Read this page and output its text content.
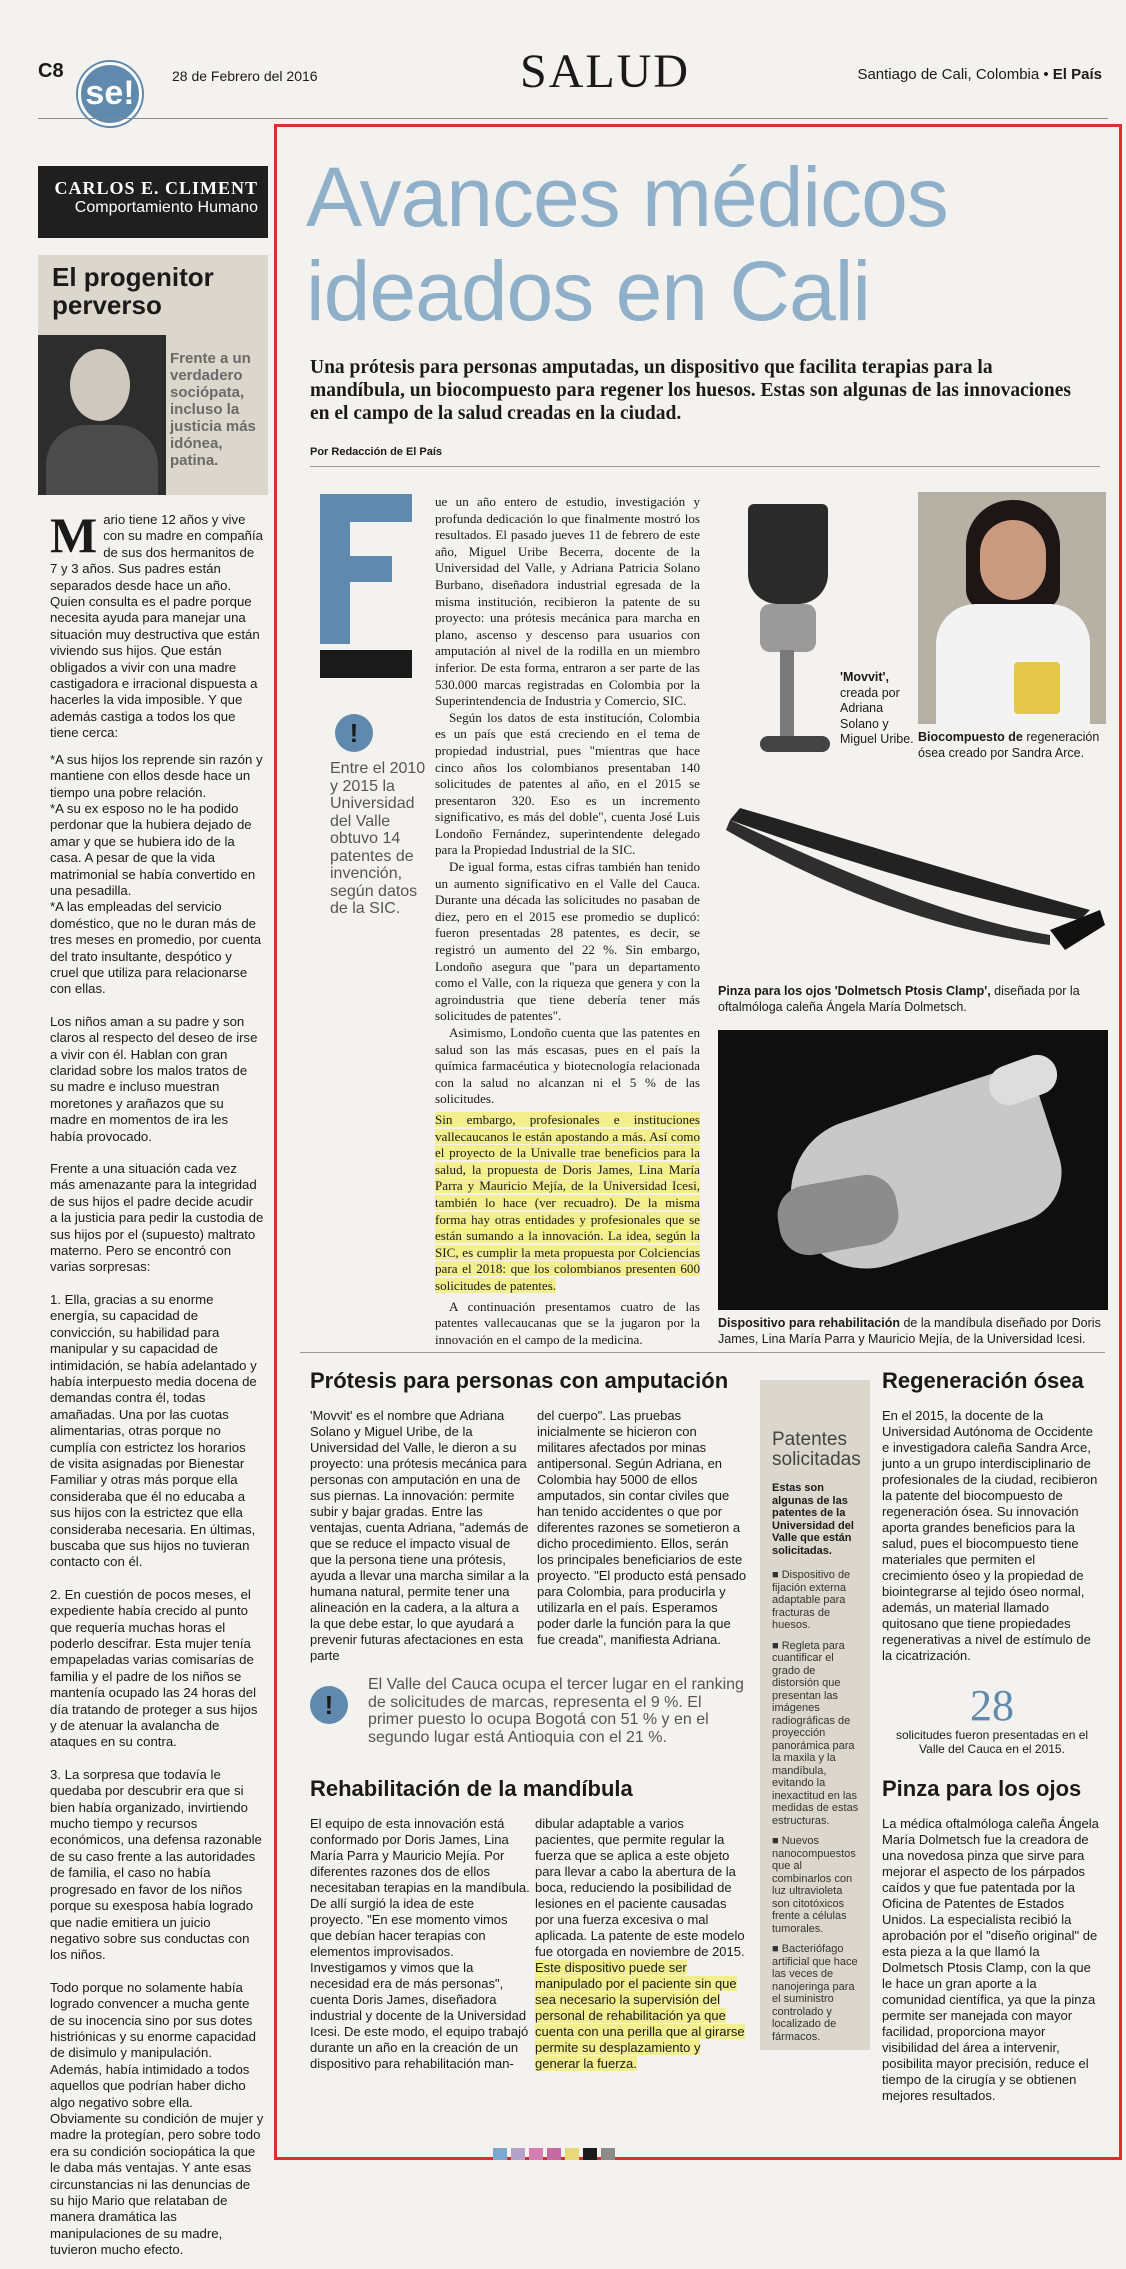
C8
se!	28 de Febrero del 2016	SALUD	Santiago de Cali, Colombia • El País
CARLOS E. CLIMENT
Comportamiento Humano
El progenitor perverso
Frente a un verdadero sociópata, incluso la justicia más idónea, patina.

Mario tiene 12 años y vive con su madre en compañía de sus dos hermanitos de 7 y 3 años. Sus padres están separados desde hace un año. Quien consulta es el padre porque necesita ayuda para manejar una situación muy destructiva que están viviendo sus hijos. Que están obligados a vivir con una madre castigadora e irracional dispuesta a hacerles la vida imposible. Y que además castiga a todos los que tiene cerca:

*A sus hijos los reprende sin razón y mantiene con ellos desde hace un tiempo una pobre relación.

*A su ex esposo no le ha podido perdonar que la hubiera dejado de amar y que se hubiera ido de la casa. A pesar de que la vida matrimonial se había convertido en una pesadilla.

*A las empleadas del servicio doméstico, que no le duran más de tres meses en promedio, por cuenta del trato insultante, despótico y cruel que utiliza para relacionarse con ellas.

Los niños aman a su padre y son claros al respecto del deseo de irse a vivir con él. Hablan con gran claridad sobre los malos tratos de su madre e incluso muestran moretones y arañazos que su madre en momentos de ira les había provocado.

Frente a una situación cada vez más amenazante para la integridad de sus hijos el padre decide acudir a la justicia para pedir la custodia de sus hijos por el (supuesto) maltrato materno. Pero se encontró con varias sorpresas:

1. Ella, gracias a su enorme energía, su capacidad de convicción, su habilidad para manipular y su capacidad de intimidación, se había adelantado y había interpuesto media docena de demandas contra él, todas amañadas. Una por las cuotas alimentarias, otras porque no cumplía con estrictez los horarios de visita asignadas por Bienestar Familiar y otras más porque ella consideraba que él no educaba a sus hijos con la estrictez que ella consideraba necesaria. En últimas, buscaba que sus hijos no tuvieran contacto con él.

2. En cuestión de pocos meses, el expediente había crecido al punto que requería muchas horas el poderlo descifrar. Esta mujer tenía empapeladas varias comisarías de familia y el padre de los niños se mantenía ocupado las 24 horas del día tratando de proteger a sus hijos y de atenuar la avalancha de ataques en su contra.

3. La sorpresa que todavía le quedaba por descubrir era que si bien había organizado, invirtiendo mucho tiempo y recursos económicos, una defensa razonable de su caso frente a las autoridades de familia, el caso no había progresado en favor de los niños porque su exesposa había logrado que nadie emitiera un juicio negativo sobre sus conductas con los niños.

Todo porque no solamente había logrado convencer a mucha gente de su inocencia sino por sus dotes histriónicas y su enorme capacidad de disimulo y manipulación. Además, había intimidado a todos aquellos que podrían haber dicho algo negativo sobre ella. Obviamente su condición de mujer y madre la protegían, pero sobre todo era su condición sociopática la que le daba más ventajas. Y ante esas circunstancias ni las denuncias de su hijo Mario que relataban de manera dramática las manipulaciones de su madre, tuvieron mucho efecto.

Avances médicos
ideados en Cali
Una prótesis para personas amputadas, un dispositivo que facilita terapias para la mandíbula, un biocompuesto para regener los huesos. Estas son algunas de las innovaciones en el campo de la salud creadas en la ciudad.
Por Redacción de El País
!
Entre el 2010 y 2015 la Universidad del Valle obtuvo 14 patentes de invención, según datos de la SIC.

ue un año entero de estudio, investigación y profunda dedicación lo que finalmente mostró los resultados. El pasado jueves 11 de febrero de este año, Miguel Uribe Becerra, docente de la Universidad del Valle, y Adriana Patricia Solano Burbano, diseñadora industrial egresada de la misma institución, recibieron la patente de su proyecto: una prótesis mecánica para marcha en plano, ascenso y descenso para usuarios con amputación al nivel de la rodilla en un miembro inferior. De esta forma, entraron a ser parte de las 530.000 marcas registradas en Colombia por la Superintendencia de Industria y Comercio, SIC.

Según los datos de esta institución, Colombia es un país que está creciendo en el tema de propiedad industrial, pues "mientras que hace cinco años los colombianos presentaban 140 solicitudes de patentes al año, en el 2015 se presentaron 320. Eso es un incremento significativo, es más del doble", cuenta José Luis Londoño Fernández, superintendente delegado para la Propiedad Industrial de la SIC.

De igual forma, estas cifras también han tenido un aumento significativo en el Valle del Cauca. Durante una década las solicitudes no pasaban de diez, pero en el 2015 ese promedio se duplicó: fueron presentadas 28 patentes, es decir, se registró un aumento del 22 %. Sin embargo, Londoño asegura que "para un departamento como el Valle, con la riqueza que genera y con la agroindustria que tiene debería tener más solicitudes de patentes".

Asimismo, Londoño cuenta que las patentes en salud son las más escasas, pues en el país la química farmacéutica y biotecnología relacionada con la salud no alcanzan ni el 5 % de las solicitudes.

Sin embargo, profesionales e instituciones vallecaucanos le están apostando a más. Así como el proyecto de la Univalle trae beneficios para la salud, la propuesta de Doris James, Lina María Parra y Mauricio Mejía, de la Universidad Icesi, también lo hace (ver recuadro). De la misma forma hay otras entidades y profesionales que se están sumando a la innovación. La idea, según la SIC, es cumplir la meta propuesta por Colciencias para el 2018: que los colombianos presenten 600 solicitudes de patentes.

A continuación presentamos cuatro de las patentes vallecaucanas que se la jugaron por la innovación en el campo de la medicina.

'Movvit', creada por Adriana Solano y Miguel Uribe. Biocompuesto de regeneración ósea creado por Sandra Arce.
Pinza para los ojos 'Dolmetsch Ptosis Clamp', diseñada por la oftalmóloga caleña Ángela María Dolmetsch.
Dispositivo para rehabilitación de la mandíbula diseñado por Doris James, Lina María Parra y Mauricio Mejía, de la Universidad Icesi.
Prótesis para personas con amputación
'Movvit' es el nombre que Adriana Solano y Miguel Uribe, de la Universidad del Valle, le dieron a su proyecto: una prótesis mecánica para personas con amputación en una de sus piernas. La innovación: permite subir y bajar gradas. Entre las ventajas, cuenta Adriana, "además de que se reduce el impacto visual de que la persona tiene una prótesis, ayuda a llevar una marcha similar a la humana natural, permite tener una alineación en la cadera, a la altura a la que debe estar, lo que ayudará a prevenir futuras afectaciones en esta parte
del cuerpo". Las pruebas inicialmente se hicieron con militares afectados por minas antipersonal. Según Adriana, en Colombia hay 5000 de ellos amputados, sin contar civiles que han tenido accidentes o que por diferentes razones se sometieron a dicho procedimiento. Ellos, serán los principales beneficiarios de este proyecto. "El producto está pensado para Colombia, para producirla y utilizarla en el país. Esperamos poder darle la función para la que fue creada", manifiesta Adriana.
!
El Valle del Cauca ocupa el tercer lugar en el ranking de solicitudes de marcas, representa el 9 %. El primer puesto lo ocupa Bogotá con 51 % y en el segundo lugar está Antioquia con el 21 %.
Rehabilitación de la mandíbula
El equipo de esta innovación está conformado por Doris James, Lina María Parra y Mauricio Mejía. Por diferentes razones dos de ellos necesitaban terapias en la mandíbula. De allí surgió la idea de este proyecto. "En ese momento vimos que debían hacer terapias con elementos improvisados. Investigamos y vimos que la necesidad era de más personas", cuenta Doris James, diseñadora industrial y docente de la Universidad Icesi. De este modo, el equipo trabajó durante un año en la creación de un dispositivo para rehabilitación man-
dibular adaptable a varios pacientes, que permite regular la fuerza que se aplica a este objeto para llevar a cabo la abertura de la boca, reduciendo la posibilidad de lesiones en el paciente causadas por una fuerza excesiva o mal aplicada. La patente de este modelo fue otorgada en noviembre de 2015. Este dispositivo puede ser manipulado por el paciente sin que sea necesario la supervisión del personal de rehabilitación ya que cuenta con una perilla que al girarse permite su desplazamiento y generar la fuerza.
Patentes solicitadas
Estas son algunas de las patentes de la Universidad del Valle que están solicitadas.
■ Dispositivo de fijación externa adaptable para fracturas de huesos.
■ Regleta para cuantificar el grado de distorsión que presentan las imágenes radiográficas de proyección panorámica para la maxila y la mandíbula, evitando la inexactitud en las medidas de estas estructuras.
■ Nuevos nanocompuestos que al combinarlos con luz ultravioleta son citotóxicos frente a células tumorales.
■ Bacteriófago artificial que hace las veces de nanojeringa para el suministro controlado y localizado de fármacos.
Regeneración ósea
En el 2015, la docente de la Universidad Autónoma de Occidente e investigadora caleña Sandra Arce, junto a un grupo interdisciplinario de profesionales de la ciudad, recibieron la patente del biocompuesto de regeneración ósea. Su innovación aporta grandes beneficios para la salud, pues el biocompuesto tiene materiales que permiten el crecimiento óseo y la propiedad de biointegrarse al tejido óseo normal, además, un material llamado quitosano que tiene propiedades regenerativas a nivel de estímulo de la cicatrización.
28
solicitudes fueron presentadas en el Valle del Cauca en el 2015.
Pinza para los ojos
La médica oftalmóloga caleña Ángela María Dolmetsch fue la creadora de una novedosa pinza que sirve para mejorar el aspecto de los párpados caídos y que fue patentada por la Oficina de Patentes de Estados Unidos. La especialista recibió la aprobación por el "diseño original" de esta pieza a la que llamó la Dolmetsch Ptosis Clamp, con la que le hace un gran aporte a la comunidad científica, ya que la pinza permite ser manejada con mayor facilidad, proporciona mayor visibilidad del área a intervenir, posibilita mayor precisión, reduce el tiempo de la cirugía y se obtienen mejores resultados.
